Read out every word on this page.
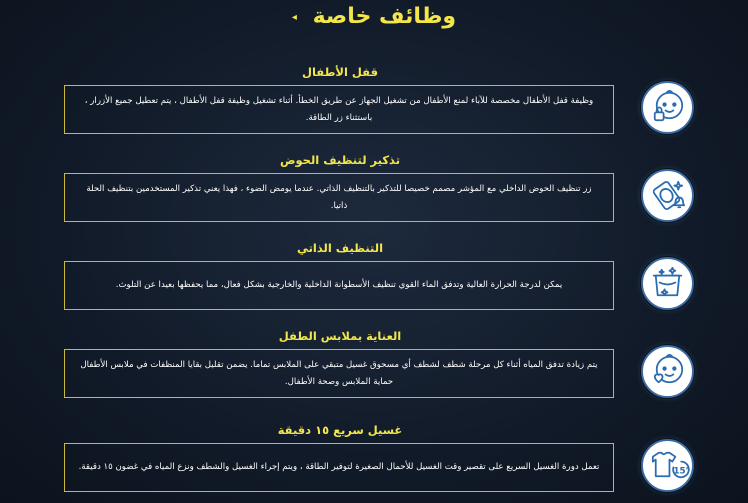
وظائف خاصة ◂
قفل الأطفال
وظيفة قفل الأطفال مخصصة للآباء لمنع الأطفال من تشغيل الجهاز عن طريق الخطأ. أثناء تشغيل وظيفة قفل الأطفال ، يتم تعطيل جميع الأزرار ، باستثناء زر الطاقة.
تذكير لتنظيف الحوض
زر تنظيف الحوض الداخلي مع المؤشر مصمم خصيصا للتذكير بالتنظيف الذاتي. عندما يومض الضوء ، فهذا يعني تذكير المستخدمين بتنظيف الحلة ذاتيا.
التنظيف الذاتي
يمكن لدرجة الحرارة العالية وتدفق الماء القوي تنظيف الأسطوانة الداخلية والخارجية بشكل فعال، مما يحفظها بعيدا عن التلوث.
العناية بملابس الطفل
يتم زيادة تدفق المياه أثناء كل مرحلة شطف لشطف أي مسحوق غسيل متبقي على الملابس تماما. يضمن تقليل بقايا المنظفات في ملابس الأطفال حماية الملابس وصحة الأطفال.
غسيل سريع ١٥ دقيقة
تعمل دورة الغسيل السريع على تقصير وقت الغسيل للأحمال الصغيرة لتوفير الطاقة ، ويتم إجراء الغسيل والشطف ونزع المياه في غضون ١٥ دقيقة.	15'
